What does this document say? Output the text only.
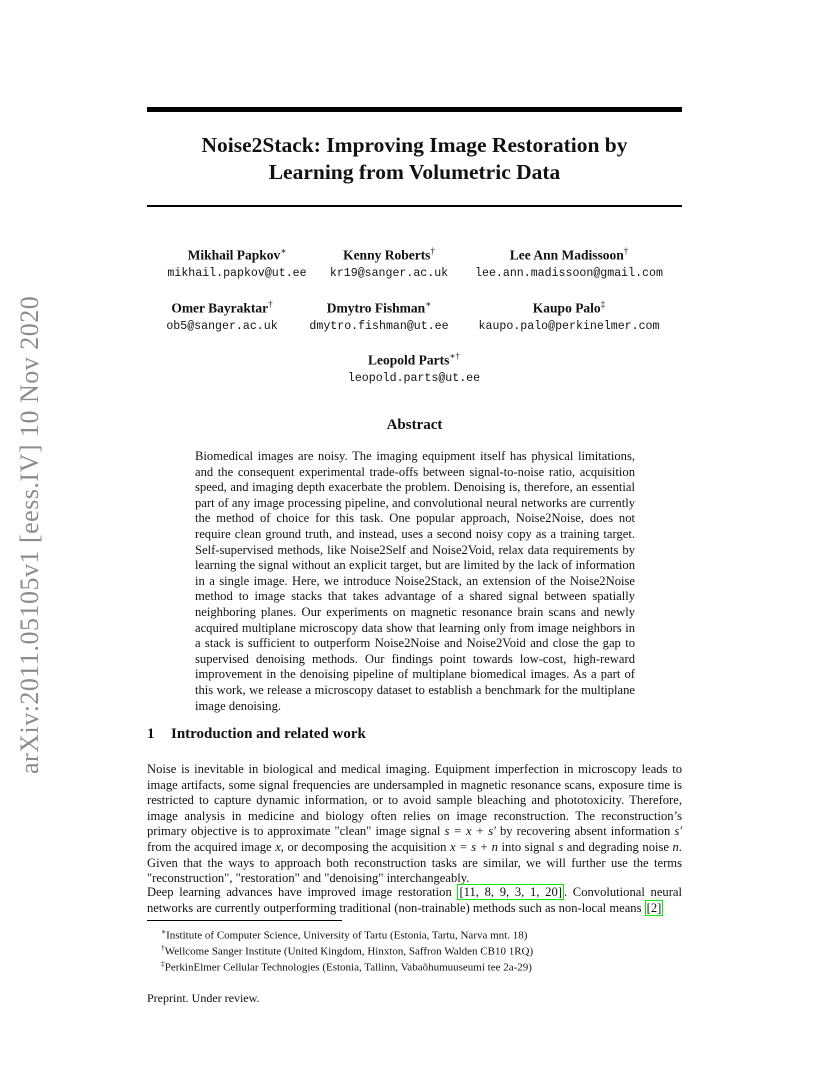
arXiv:2011.05105v1 [eess.IV] 10 Nov 2020
Noise2Stack: Improving Image Restoration by
Learning from Volumetric Data
Mikhail Papkov∗
mikhail.papkov@ut.ee
Kenny Roberts†
kr19@sanger.ac.uk
Lee Ann Madissoon†
lee.ann.madissoon@gmail.com
Omer Bayraktar†
ob5@sanger.ac.uk
Dmytro Fishman∗
dmytro.fishman@ut.ee
Kaupo Palo‡
kaupo.palo@perkinelmer.com
Leopold Parts∗†
leopold.parts@ut.ee
Abstract

Biomedical images are noisy. The imaging equipment itself has physical limitations, and the consequent experimental trade-offs between signal-to-noise ratio, acquisition speed, and imaging depth exacerbate the problem. Denoising is, therefore, an essential part of any image processing pipeline, and convolutional neural networks are currently the method of choice for this task. One popular approach, Noise2Noise, does not require clean ground truth, and instead, uses a second noisy copy as a training target. Self-supervised methods, like Noise2Self and Noise2Void, relax data requirements by learning the signal without an explicit target, but are limited by the lack of information in a single image. Here, we introduce Noise2Stack, an extension of the Noise2Noise method to image stacks that takes advantage of a shared signal between spatially neighboring planes. Our experiments on magnetic resonance brain scans and newly acquired multiplane microscopy data show that learning only from image neighbors in a stack is sufficient to outperform Noise2Noise and Noise2Void and close the gap to supervised denoising methods. Our findings point towards low-cost, high-reward improvement in the denoising pipeline of multiplane biomedical images. As a part of this work, we release a microscopy dataset to establish a benchmark for the multiplane image denoising.

1 Introduction and related work

Noise is inevitable in biological and medical imaging. Equipment imperfection in microscopy leads to image artifacts, some signal frequencies are undersampled in magnetic resonance scans, exposure time is restricted to capture dynamic information, or to avoid sample bleaching and phototoxicity. Therefore, image analysis in medicine and biology often relies on image reconstruction. The reconstruction’s primary objective is to approximate "clean" image signal s = x + s′ by recovering absent information s′ from the acquired image x, or decomposing the acquisition x = s + n into signal s and degrading noise n. Given that the ways to approach both reconstruction tasks are similar, we will further use the terms "reconstruction", "restoration" and "denoising" interchangeably.

Deep learning advances have improved image restoration [11, 8, 9, 3, 1, 20] . Convolutional neural networks are currently outperforming traditional (non-trainable) methods such as non-local means [2]

∗Institute of Computer Science, University of Tartu (Estonia, Tartu, Narva mnt. 18)
†Wellcome Sanger Institute (United Kingdom, Hinxton, Saffron Walden CB10 1RQ)
‡PerkinElmer Cellular Technologies (Estonia, Tallinn, Vabaõhumuuseumi tee 2a-29)
Preprint. Under review.
